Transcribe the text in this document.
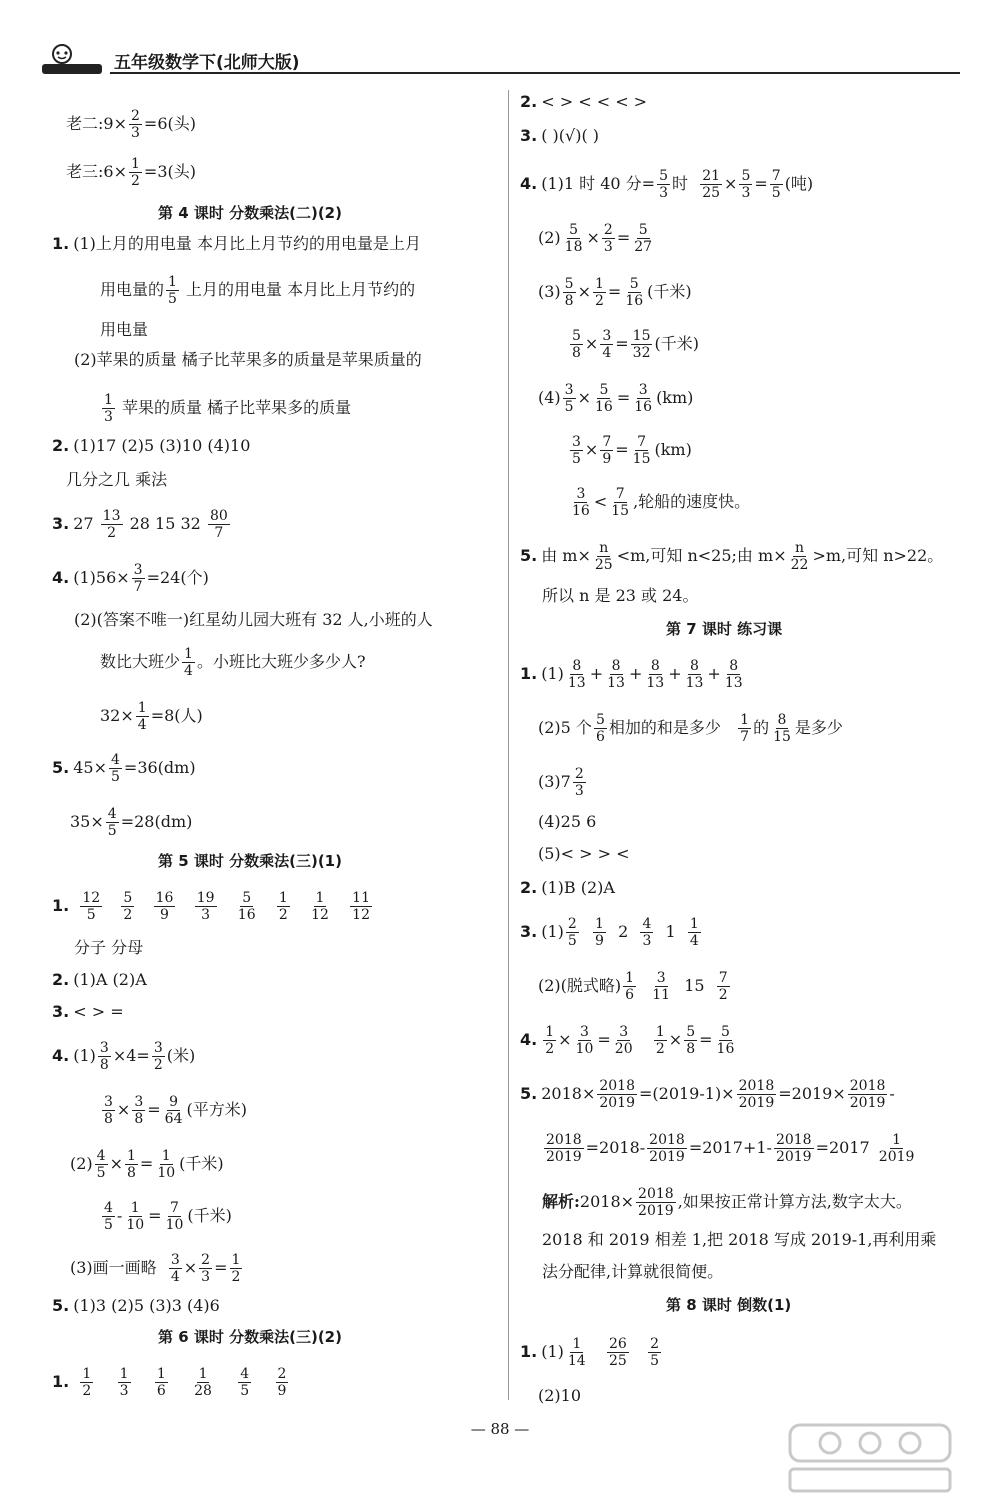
五年级数学下(北师大版)
老二:9× $\frac{2}{3} =6$(头)
老三:6× $\frac{1}{2} =3$(头)
第 4 课时 分数乘法(二)(2)
1. (1)上月的用电量 本月比上月节约的用电量是上月
用电量的 $\frac{1}{5}$ 上月的用电量 本月比上月节约的
用电量
(2)苹果的质量 橘子比苹果多的质量是苹果质量的
$\frac{1}{3}$ 苹果的质量 橘子比苹果多的质量
2. (1)17 (2)5 (3)10 (4)10
几分之几 乘法
3. $27 \frac{13}{2} 28$ 15 $32 \frac{80}{7}$
4. $(1)56\times \frac{3}{7} =24$(个)
(2)(答案不唯一)红星幼儿园大班有 32 人,小班的人
数比大班少 $\frac{1}{4}$ 。小班比大班少多少人?
$32\times \frac{1}{4} =8$(人)
5. $45\times \frac{4}{5} =36(dm)$
$35\times \frac{4}{5} =28(dm)$
第 5 课时 分数乘法(三)(1)
1. $\frac{12}{5}$
$\frac{5}{2}$
$\frac{16}{9}$
$\frac{19}{3}$
$\frac{5}{16}$
$\frac{1}{2}$
$\frac{1}{12}$
$\frac{11}{12}$
分子 分母
2. (1)A (2)A
3. < > =
4. $(1) \frac{3}{8} \times 4= \frac{3}{2}$ (米)
$\frac{3}{8} \times \frac{3}{8} = \frac{9}{64}$ (平方米)
$(2) \frac{4}{5} \times \frac{1}{8} = \frac{1}{10}$ (千米)
$\frac{4}{5} - \frac{1}{10} = \frac{7}{10}$ (千米)
(3)画一画略 $\frac{3}{4} \times \frac{2}{3} = \frac{1}{2}$
5. (1)3 (2)5 (3)3 (4)6
第 6 课时 分数乘法(三)(2)
1. $\frac{1}{2}$
$\frac{1}{3}$
$\frac{1}{6}$
$\frac{1}{28}$
$\frac{4}{5}$
$\frac{2}{9}$
2. < > < < < >
3. ( )(√)( )
4. (1)1 时 40 分= $\frac{5}{3}$ 时 $\frac{21}{25} \times \frac{5}{3} = \frac{7}{5}$ (吨)
$(2) \frac{5}{18} \times \frac{2}{3} = \frac{5}{27}$
$(3) \frac{5}{8} \times \frac{1}{2} = \frac{5}{16}$ (千米)
$\frac{5}{8} \times \frac{3}{4} = \frac{15}{32}$ (千米)
$(4) \frac{3}{5} \times \frac{5}{16} = \frac{3}{16} (km)$
$\frac{3}{5} \times \frac{7}{9} = \frac{7}{15} (km)$
$\frac{3}{16} < \frac{7}{15}$ ,轮船的速度快。
5. 由 $m\times \frac{n}{25} <m$,可知 n<25;由 $m\times \frac{n}{22} >m$,可知 n>22。
所以 n 是 23 或 24。
第 7 课时 练习课
1. $(1) \frac{8}{13} + \frac{8}{13} + \frac{8}{13} + \frac{8}{13} + \frac{8}{13}$
(2)5 个 $\frac{5}{6}$ 相加的和是多少 $\frac{1}{7}$ 的 $\frac{8}{15}$ 是多少
$(3)7 \frac{2}{3}$
(4)25 6
(5)< > > <
2. (1)B (2)A
3. $(1) \frac{2}{5}$
$\frac{1}{9} 2 \frac{4}{3} 1 \frac{1}{4}$
(2)(脱式略) $\frac{1}{6}$
$\frac{3}{11} 15 \frac{7}{2}$
4. $\frac{1}{2} \times \frac{3}{10} = \frac{3}{20}$
$\frac{1}{2} \times \frac{5}{8} = \frac{5}{16}$
5. $2018\times \frac{2018}{2019} =(2019-1)\times \frac{2018}{2019} =2019\times \frac{2018}{2019}$ -
$\frac{2018}{2019} =2018- \frac{2018}{2019} =2017+1- \frac{2018}{2019} =2017 \frac{1}{2019}$
解析:2018× $\frac{2018}{2019}$ ,如果按正常计算方法,数字太大。
2018 和 2019 相差 1,把 2018 写成 2019-1,再利用乘
法分配律,计算就很简便。
第 8 课时 倒数(1)
1. $(1) \frac{1}{14}$
$\frac{26}{25}$
$\frac{2}{5}$
(2)10
— 88 —
